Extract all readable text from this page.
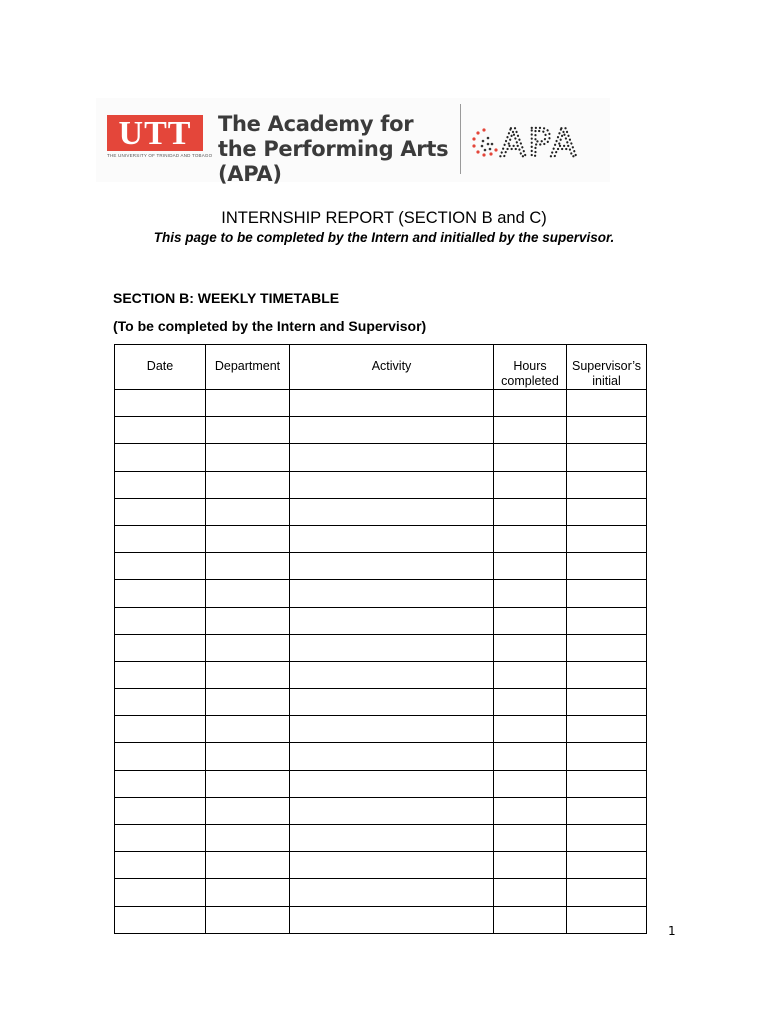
UTT
THE UNIVERSITY OF TRINIDAD AND TOBAGO
The Academy for the Performing Arts (APA)
APA
INTERNSHIP REPORT (SECTION B and C)
This page to be completed by the Intern and initialled by the supervisor.
SECTION B: WEEKLY TIMETABLE
(To be completed by the Intern and Supervisor)
Date	Department	Activity	Hours completed	Supervisor’s initial

1
